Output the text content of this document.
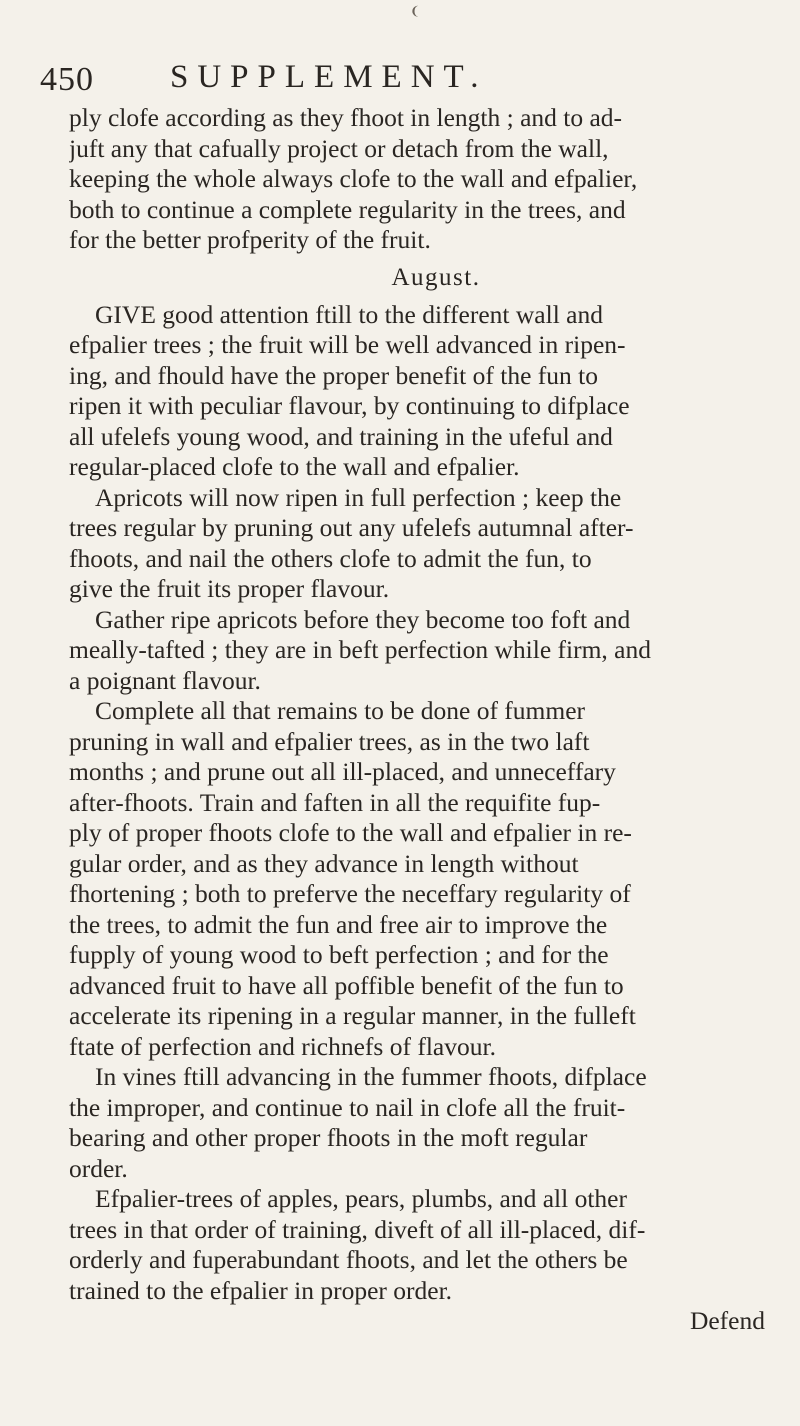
❨
450 SUPPLEMENT.
ply clofe according as they fhoot in length ; and to ad-
juft any that cafually project or detach from the wall,
keeping the whole always clofe to the wall and efpalier,
both to continue a complete regularity in the trees, and
for the better profperity of the fruit.
August.
GIVE good attention ftill to the different wall and
efpalier trees ; the fruit will be well advanced in ripen-
ing, and fhould have the proper benefit of the fun to
ripen it with peculiar flavour, by continuing to difplace
all ufelefs young wood, and training in the ufeful and
regular-placed clofe to the wall and efpalier.
Apricots will now ripen in full perfection ; keep the
trees regular by pruning out any ufelefs autumnal after-
fhoots, and nail the others clofe to admit the fun, to
give the fruit its proper flavour.
Gather ripe apricots before they become too foft and
meally-tafted ; they are in beft perfection while firm, and
a poignant flavour.
Complete all that remains to be done of fummer
pruning in wall and efpalier trees, as in the two laft
months ; and prune out all ill-placed, and unneceffary
after-fhoots. Train and faften in all the requifite fup-
ply of proper fhoots clofe to the wall and efpalier in re-
gular order, and as they advance in length without
fhortening ; both to preferve the neceffary regularity of
the trees, to admit the fun and free air to improve the
fupply of young wood to beft perfection ; and for the
advanced fruit to have all poffible benefit of the fun to
accelerate its ripening in a regular manner, in the fulleft
ftate of perfection and richnefs of flavour.
In vines ftill advancing in the fummer fhoots, difplace
the improper, and continue to nail in clofe all the fruit-
bearing and other proper fhoots in the moft regular
order.
Efpalier-trees of apples, pears, plumbs, and all other
trees in that order of training, diveft of all ill-placed, dif-
orderly and fuperabundant fhoots, and let the others be
trained to the efpalier in proper order.
Defend
